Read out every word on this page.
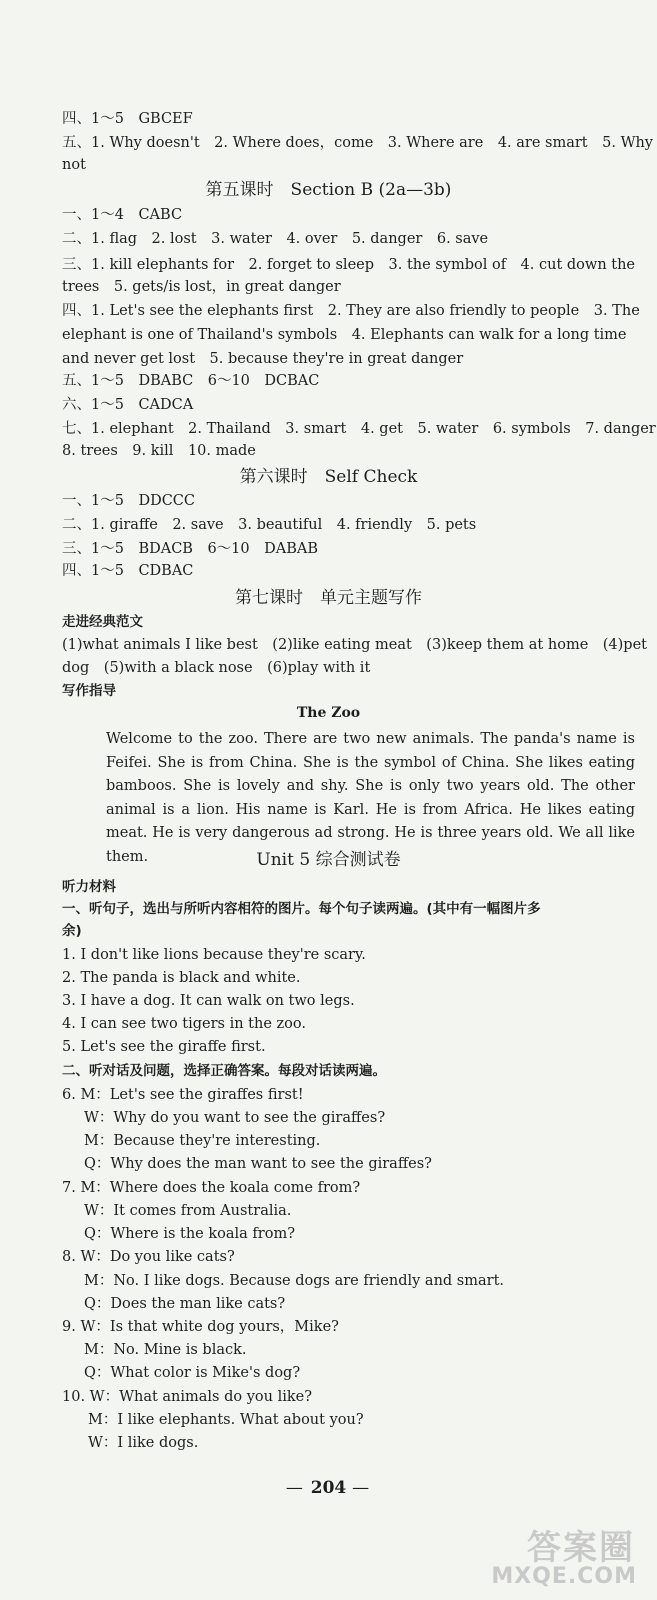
四、1～5　GBCEF
五、1. Why doesn't　2. Where does，come　3. Where are　4. are smart　5. Why
not
第五课时　Section B (2a—3b)
一、1～4　CABC
二、1. flag　2. lost　3. water　4. over　5. danger　6. save
三、1. kill elephants for　2. forget to sleep　3. the symbol of　4. cut down the
trees　5. gets/is lost，in great danger
四、1. Let's see the elephants first　2. They are also friendly to people　3. The
elephant is one of Thailand's symbols　4. Elephants can walk for a long time
and never get lost　5. because they're in great danger
五、1～5　DBABC　6～10　DCBAC
六、1～5　CADCA
七、1. elephant　2. Thailand　3. smart　4. get　5. water　6. symbols　7. danger
8. trees　9. kill　10. made
第六课时　Self Check
一、1～5　DDCCC
二、1. giraffe　2. save　3. beautiful　4. friendly　5. pets
三、1～5　BDACB　6～10　DABAB
四、1～5　CDBAC
第七课时　单元主题写作
走进经典范文
(1)what animals I like best　(2)like eating meat　(3)keep them at home　(4)pet
dog　(5)with a black nose　(6)play with it
写作指导
The Zoo
Welcome to the zoo. There are two new animals. The panda's name is Feifei. She is from China. She is the symbol of China. She likes eating bamboos. She is lovely and shy. She is only two years old. The other animal is a lion. His name is Karl. He is from Africa. He likes eating meat. He is very dangerous ad strong. He is three years old. We all like them.	Unit 5 综合测试卷
听力材料
一、听句子，选出与所听内容相符的图片。每个句子读两遍。(其中有一幅图片多
余)
1. I don't like lions because they're scary.
2. The panda is black and white.
3. I have a dog. It can walk on two legs.
4. I can see two tigers in the zoo.
5. Let's see the giraffe first.
二、听对话及问题，选择正确答案。每段对话读两遍。
6. M：Let's see the giraffes first!
W：Why do you want to see the giraffes?
M：Because they're interesting.
Q：Why does the man want to see the giraffes?
7. M：Where does the koala come from?
W：It comes from Australia.
Q：Where is the koala from?
8. W：Do you like cats?
M：No. I like dogs. Because dogs are friendly and smart.
Q：Does the man like cats?
9. W：Is that white dog yours，Mike?
M：No. Mine is black.
Q：What color is Mike's dog?
10. W：What animals do you like?
M：I like elephants. What about you?
W：I like dogs.
— 204 —
答案圈
MXQE.COM
